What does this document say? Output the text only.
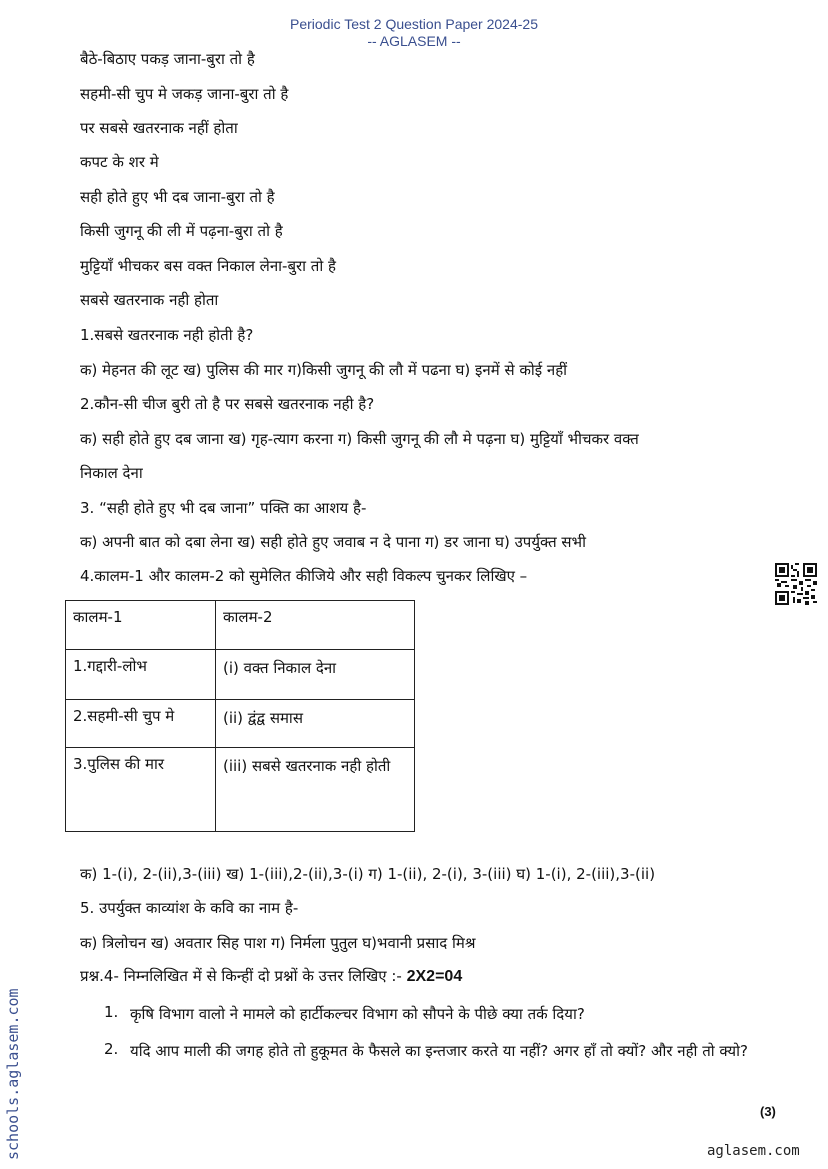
Periodic Test 2 Question Paper 2024-25
-- AGLASEM --
बैठे-बिठाए पकड़ जाना-बुरा तो है
सहमी-सी चुप मे जकड़ जाना-बुरा तो है
पर सबसे खतरनाक नहीं होता
कपट के शर मे
सही होते हुए भी दब जाना-बुरा तो है
किसी जुगनू की ली में पढ़ना-बुरा तो है
मुट्टियाँ भीचकर बस वक्त निकाल लेना-बुरा तो है
सबसे खतरनाक नही होता
1.सबसे खतरनाक नही होती है?
क) मेहनत की लूट ख) पुलिस की मार ग)किसी जुगनू की लौ में पढना घ) इनमें से कोई नहीं
2.कौन-सी चीज बुरी तो है पर सबसे खतरनाक नही है?
क) सही होते हुए दब जाना ख) गृह-त्याग करना ग) किसी जुगनू की लौ मे पढ़ना घ) मुट्टियाँ भीचकर वक्त
निकाल देना
3. “सही होते हुए भी दब जाना” पक्ति का आशय है-
क) अपनी बात को दबा लेना ख) सही होते हुए जवाब न दे पाना ग) डर जाना घ) उपर्युक्त सभी
4.कालम-1 और कालम-2 को सुमेलित कीजिये और सही विकल्प चुनकर लिखिए –
कालम-1	कालम-2
1.गद्दारी-लोभ	(i) वक्त निकाल देना
2.सहमी-सी चुप मे	(ii) द्वंद्व समास
3.पुलिस की मार	(iii) सबसे खतरनाक नही होती
क) 1-(i), 2-(ii),3-(iii) ख) 1-(iii),2-(ii),3-(i) ग) 1-(ii), 2-(i), 3-(iii) घ) 1-(i), 2-(iii),3-(ii)
5. उपर्युक्त काव्यांश के कवि का नाम है-
क) त्रिलोचन ख) अवतार सिह पाश ग) निर्मला पुतुल घ)भवानी प्रसाद मिश्र
प्रश्न.4- निम्नलिखित में से किन्हीं दो प्रश्नों के उत्तर लिखिए :- 2X2=04
1. कृषि विभाग वालो ने मामले को हार्टीकल्चर विभाग को सौपने के पीछे क्या तर्क दिया?
2. यदि आप माली की जगह होते तो हुकूमत के फैसले का इन्तजार करते या नहीं? अगर हाँ तो क्यों? और नही तो क्यो?
(3)
aglasem.com
schools.aglasem.com
